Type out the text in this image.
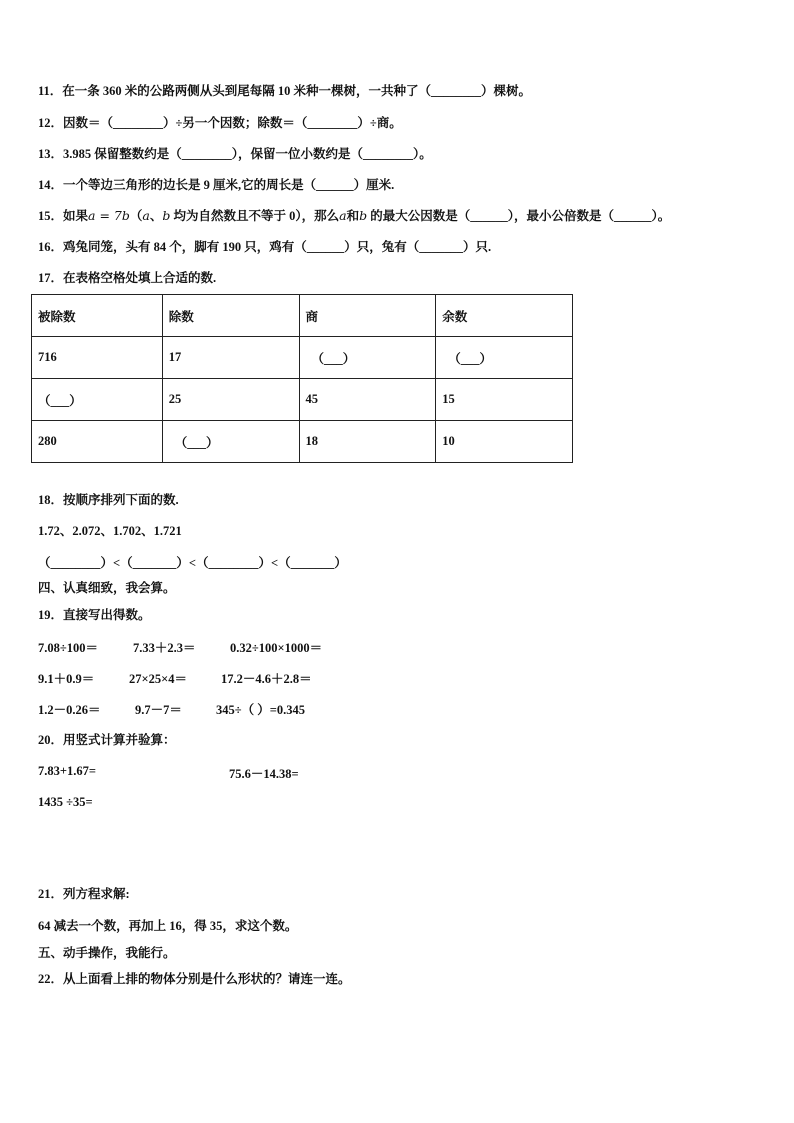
11．在一条 360 米的公路两侧从头到尾每隔 10 米种一棵树，一共种了（________）棵树。
12．因数＝（________）÷另一个因数；除数＝（________）÷商。
13．3.985 保留整数约是（________），保留一位小数约是（________）。
14．一个等边三角形的边长是 9 厘米,它的周长是（______）厘米.
15．如果a = 7b（a、b 均为自然数且不等于 0），那么a和b 的最大公因数是（______），最小公倍数是（______）。
16．鸡兔同笼，头有 84 个，脚有 190 只，鸡有（______）只，兔有（_______）只.
17．在表格空格处填上合适的数.
被除数	除数	商	余数
716	17	（___）	（___）
（___）	25	45	15
280	（___）	18	10
18．按顺序排列下面的数.
1.72、2.072、1.702、1.721
（________）<（_______）<（________）<（_______）
四、认真细致，我会算。
19．直接写出得数。
7.08÷100＝	7.33＋2.3＝	0.32÷100×1000＝
9.1＋0.9＝	27×25×4＝	17.2－4.6＋2.8＝
1.2－0.26＝	9.7－7＝	345÷（ ）=0.345
20．用竖式计算并验算：
7.83+1.67=	75.6－14.38=
1435 ÷35=
21．列方程求解:
64 减去一个数，再加上 16，得 35，求这个数。
五、动手操作，我能行。
22．从上面看上排的物体分别是什么形状的？请连一连。
